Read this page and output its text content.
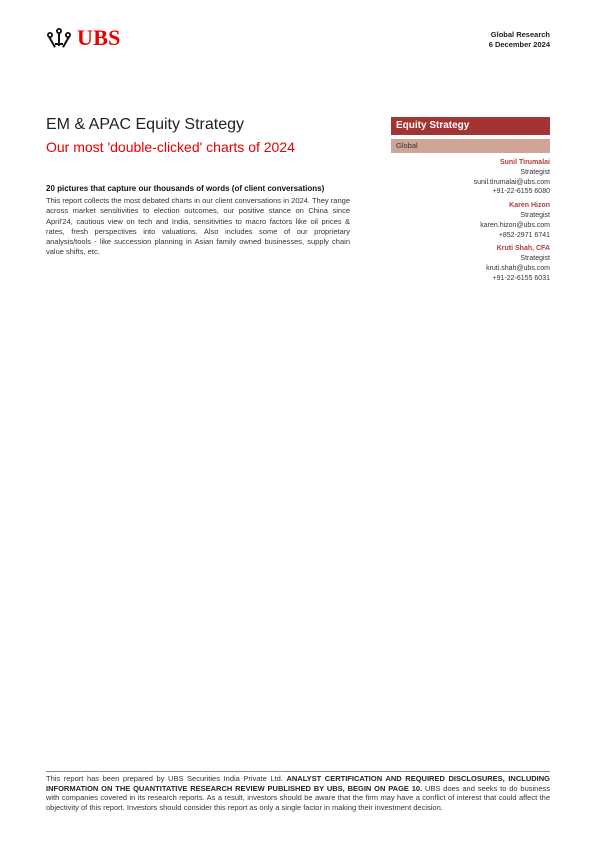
UBS	Global Research
6 December 2024
EM & APAC Equity Strategy
Our most 'double-clicked' charts of 2024
Equity Strategy
Global
Sunil Tirumalai
Strategist
sunil.tirumalai@ubs.com
+91-22-6155 6080
Karen Hizon
Strategist
karen.hizon@ubs.com
+852-2971 6741
Kruti Shah, CFA
Strategist
kruti.shah@ubs.com
+91-22-6155 6031
20 pictures that capture our thousands of words (of client conversations)

This report collects the most debated charts in our client conversations in 2024. They range across market sensitivities to election outcomes, our positive stance on China since April'24, cautious view on tech and India, sensitivities to macro factors like oil prices & rates, fresh perspectives into valuations. Also includes some of our proprietary analysis/tools - like succession planning in Asian family owned businesses, supply chain value shifts, etc.

This report has been prepared by UBS Securities India Private Ltd. ANALYST CERTIFICATION AND REQUIRED DISCLOSURES, INCLUDING INFORMATION ON THE QUANTITATIVE RESEARCH REVIEW PUBLISHED BY UBS, BEGIN ON PAGE 10. UBS does and seeks to do business with companies covered in its research reports. As a result, investors should be aware that the firm may have a conflict of interest that could affect the objectivity of this report. Investors should consider this report as only a single factor in making their investment decision.
